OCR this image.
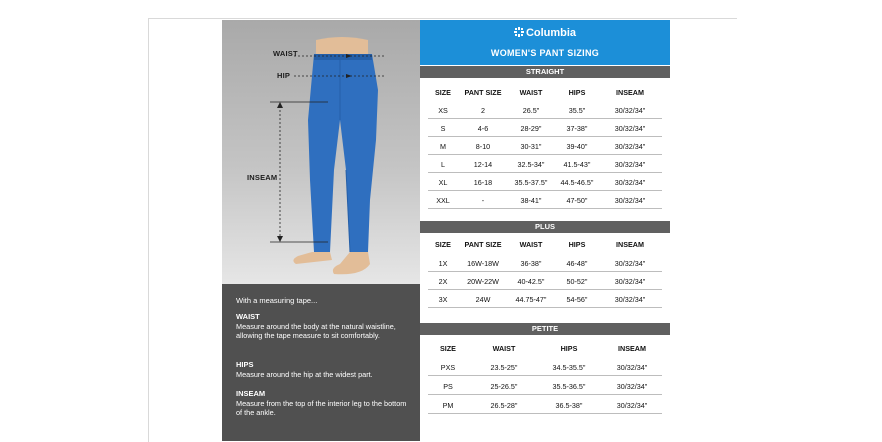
WAIST
HIP
INSEAM
With a measuring tape...
WAIST
Measure around the body at the natural waistline, allowing the tape measure to sit comfortably.
HIPS
Measure around the hip at the widest part.
INSEAM
Measure from the top of the interior leg to the bottom of the ankle.
Columbia
WOMEN'S PANT SIZING
STRAIGHT
SIZE	PANT SIZE	WAIST	HIPS	INSEAM
XS	2	26.5"	35.5"	30/32/34"
S	4-6	28-29"	37-38"	30/32/34"
M	8-10	30-31"	39-40"	30/32/34"
L	12-14	32.5-34"	41.5-43"	30/32/34"
XL	16-18	35.5-37.5"	44.5-46.5"	30/32/34"
XXL	-	38-41"	47-50"	30/32/34"
PLUS
SIZE	PANT SIZE	WAIST	HIPS	INSEAM
1X	16W-18W	36-38"	46-48"	30/32/34"
2X	20W-22W	40-42.5"	50-52"	30/32/34"
3X	24W	44.75-47"	54-56"	30/32/34"
PETITE
SIZE	WAIST	HIPS	INSEAM
PXS	23.5-25"	34.5-35.5"	30/32/34"
PS	25-26.5"	35.5-36.5"	30/32/34"
PM	26.5-28"	36.5-38"	30/32/34"
